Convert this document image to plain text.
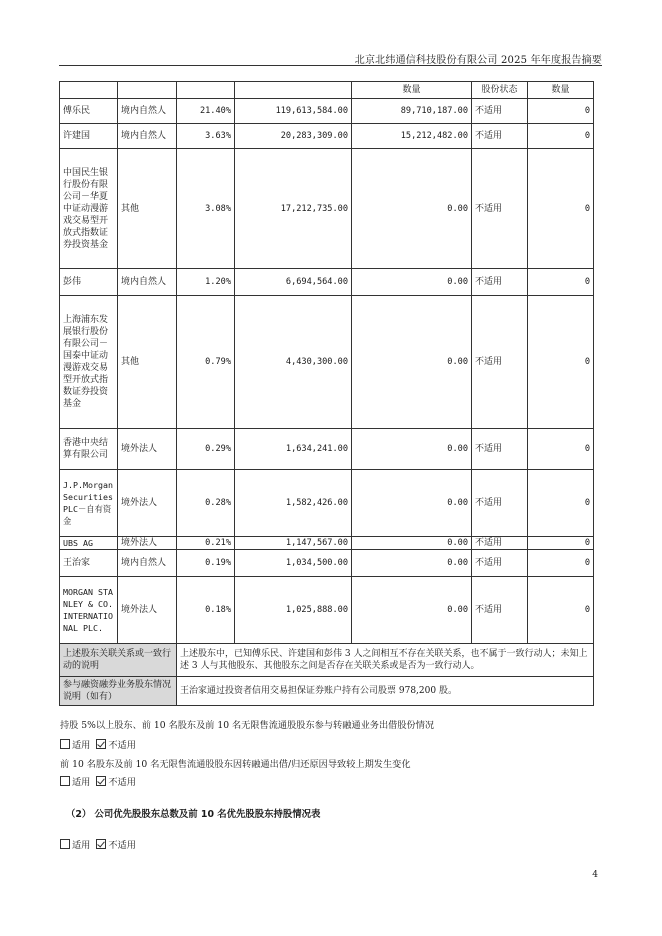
北京北纬通信科技股份有限公司 2025 年年度报告摘要
				数量	股份状态	数量
傅乐民	境内自然人	21.40%	119,613,584.00	89,710,187.00	不适用	0
许建国	境内自然人	3.63%	20,283,309.00	15,212,482.00	不适用	0
中国民生银行股份有限公司－华夏中证动漫游戏交易型开放式指数证券投资基金	其他	3.08%	17,212,735.00	0.00	不适用	0
彭伟	境内自然人	1.20%	6,694,564.00	0.00	不适用	0
上海浦东发展银行股份有限公司－国泰中证动漫游戏交易型开放式指数证券投资基金	其他	0.79%	4,430,300.00	0.00	不适用	0
香港中央结算有限公司	境外法人	0.29%	1,634,241.00	0.00	不适用	0
J.P.Morgan Securities PLC－自有资金	境外法人	0.28%	1,582,426.00	0.00	不适用	0
UBS AG	境外法人	0.21%	1,147,567.00	0.00	不适用	0
王治家	境内自然人	0.19%	1,034,500.00	0.00	不适用	0
MORGAN STANLEY & CO. INTERNATIONAL PLC.	境外法人	0.18%	1,025,888.00	0.00	不适用	0
上述股东关联关系或一致行动的说明		上述股东中，已知傅乐民、许建国和彭伟 3 人之间相互不存在关联关系，也不属于一致行动人；未知上述 3 人与其他股东、其他股东之间是否存在关联关系或是否为一致行动人。				
参与融资融券业务股东情况说明（如有）		王治家通过投资者信用交易担保证券账户持有公司股票 978,200 股。				
持股 5%以上股东、前 10 名股东及前 10 名无限售流通股股东参与转融通业务出借股份情况
适用 不适用
前 10 名股东及前 10 名无限售流通股股东因转融通出借/归还原因导致较上期发生变化
适用 不适用
（2） 公司优先股股东总数及前 10 名优先股股东持股情况表
适用 不适用
4
